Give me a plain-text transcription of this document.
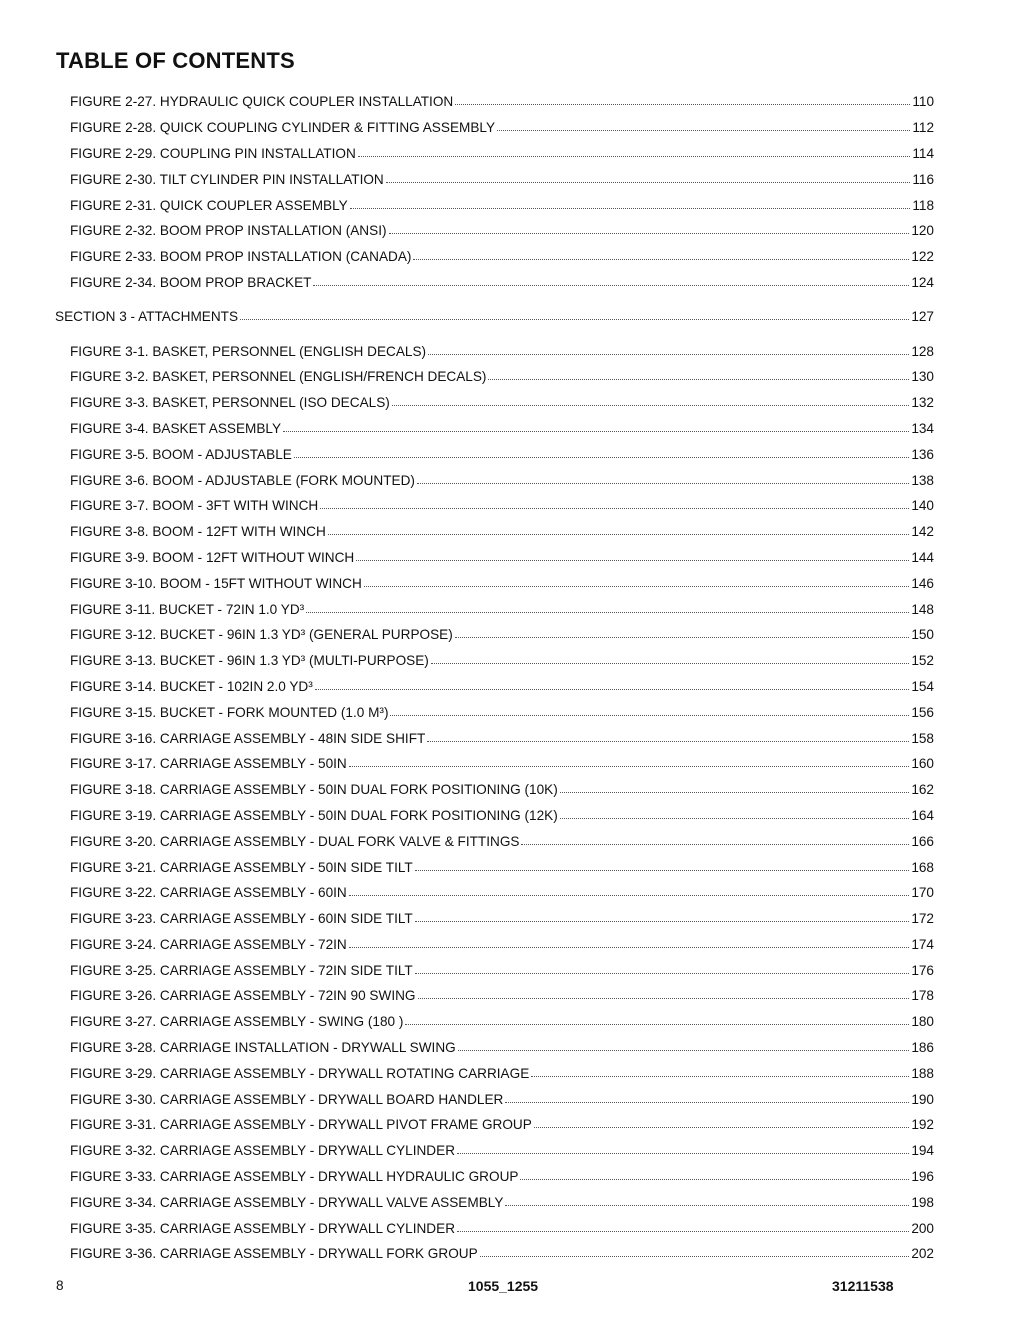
TABLE OF CONTENTS
FIGURE 2-27. HYDRAULIC QUICK COUPLER INSTALLATION	110
FIGURE 2-28. QUICK COUPLING CYLINDER & FITTING ASSEMBLY	112
FIGURE 2-29. COUPLING PIN INSTALLATION	114
FIGURE 2-30. TILT CYLINDER PIN INSTALLATION	116
FIGURE 2-31. QUICK COUPLER ASSEMBLY	118
FIGURE 2-32. BOOM PROP INSTALLATION (ANSI)	120
FIGURE 2-33. BOOM PROP INSTALLATION (CANADA)	122
FIGURE 2-34. BOOM PROP BRACKET	124
SECTION 3 - ATTACHMENTS	127
FIGURE 3-1. BASKET, PERSONNEL (ENGLISH DECALS)	128
FIGURE 3-2. BASKET, PERSONNEL (ENGLISH/FRENCH DECALS)	130
FIGURE 3-3. BASKET, PERSONNEL (ISO DECALS)	132
FIGURE 3-4. BASKET ASSEMBLY	134
FIGURE 3-5. BOOM - ADJUSTABLE	136
FIGURE 3-6. BOOM - ADJUSTABLE (FORK MOUNTED)	138
FIGURE 3-7. BOOM - 3FT WITH WINCH	140
FIGURE 3-8. BOOM - 12FT WITH WINCH	142
FIGURE 3-9. BOOM - 12FT WITHOUT WINCH	144
FIGURE 3-10. BOOM - 15FT WITHOUT WINCH	146
FIGURE 3-11. BUCKET - 72IN 1.0 YD³	148
FIGURE 3-12. BUCKET - 96IN 1.3 YD³ (GENERAL PURPOSE)	150
FIGURE 3-13. BUCKET - 96IN 1.3 YD³ (MULTI-PURPOSE)	152
FIGURE 3-14. BUCKET - 102IN 2.0 YD³	154
FIGURE 3-15. BUCKET - FORK MOUNTED (1.0 M³)	156
FIGURE 3-16. CARRIAGE ASSEMBLY - 48IN SIDE SHIFT	158
FIGURE 3-17. CARRIAGE ASSEMBLY - 50IN	160
FIGURE 3-18. CARRIAGE ASSEMBLY - 50IN DUAL FORK POSITIONING (10K)	162
FIGURE 3-19. CARRIAGE ASSEMBLY - 50IN DUAL FORK POSITIONING (12K)	164
FIGURE 3-20. CARRIAGE ASSEMBLY - DUAL FORK VALVE & FITTINGS	166
FIGURE 3-21. CARRIAGE ASSEMBLY - 50IN SIDE TILT	168
FIGURE 3-22. CARRIAGE ASSEMBLY - 60IN	170
FIGURE 3-23. CARRIAGE ASSEMBLY - 60IN SIDE TILT	172
FIGURE 3-24. CARRIAGE ASSEMBLY - 72IN	174
FIGURE 3-25. CARRIAGE ASSEMBLY - 72IN SIDE TILT	176
FIGURE 3-26. CARRIAGE ASSEMBLY - 72IN 90 SWING	178
FIGURE 3-27. CARRIAGE ASSEMBLY - SWING (180 )	180
FIGURE 3-28. CARRIAGE INSTALLATION - DRYWALL SWING	186
FIGURE 3-29. CARRIAGE ASSEMBLY - DRYWALL ROTATING CARRIAGE	188
FIGURE 3-30. CARRIAGE ASSEMBLY - DRYWALL BOARD HANDLER	190
FIGURE 3-31. CARRIAGE ASSEMBLY - DRYWALL PIVOT FRAME GROUP	192
FIGURE 3-32. CARRIAGE ASSEMBLY - DRYWALL CYLINDER	194
FIGURE 3-33. CARRIAGE ASSEMBLY - DRYWALL HYDRAULIC GROUP	196
FIGURE 3-34. CARRIAGE ASSEMBLY - DRYWALL VALVE ASSEMBLY	198
FIGURE 3-35. CARRIAGE ASSEMBLY - DRYWALL CYLINDER	200
FIGURE 3-36. CARRIAGE ASSEMBLY - DRYWALL FORK GROUP	202
8	1055_1255	31211538
